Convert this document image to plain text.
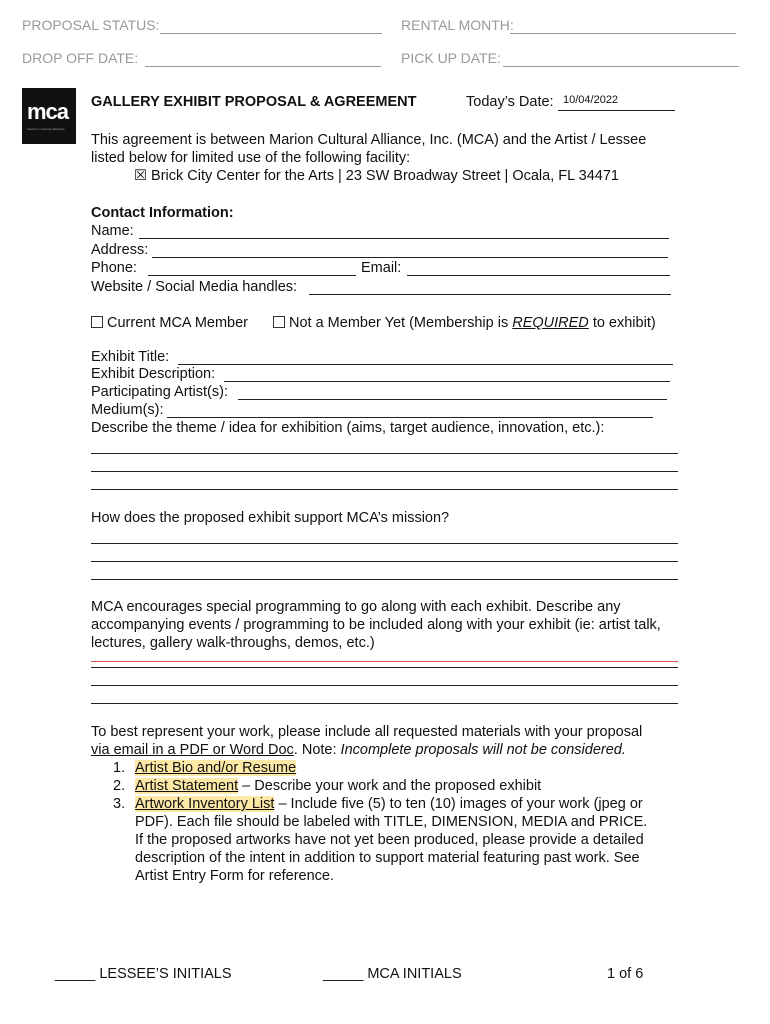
PROPOSAL STATUS:	RENTAL MONTH:
DROP OFF DATE:	PICK UP DATE:
mca
marion cultural alliance
GALLERY EXHIBIT PROPOSAL & AGREEMENT	Today’s Date: 10/04/2022
This agreement is between Marion Cultural Alliance, Inc. (MCA) and the Artist / Lessee listed below for limited use of the following facility:
☒ Brick City Center for the Arts | 23 SW Broadway Street | Ocala, FL 34471
Contact Information:
Name:
Address:
Phone:	Email:
Website / Social Media handles:
Current MCA Member	Not a Member Yet (Membership is REQUIRED to exhibit)
Exhibit Title:
Exhibit Description:
Participating Artist(s):
Medium(s):
Describe the theme / idea for exhibition (aims, target audience, innovation, etc.):
How does the proposed exhibit support MCA’s mission?
MCA encourages special programming to go along with each exhibit. Describe any accompanying events / programming to be included along with your exhibit (ie: artist talk, lectures, gallery walk-throughs, demos, etc.)
To best represent your work, please include all requested materials with your proposal
via email in a PDF or Word Doc. Note: Incomplete proposals will not be considered.
1. Artist Bio and/or Resume
2. Artist Statement – Describe your work and the proposed exhibit
3. Artwork Inventory List – Include five (5) to ten (10) images of your work (jpeg or
PDF). Each file should be labeled with TITLE, DIMENSION, MEDIA and PRICE.
If the proposed artworks have not yet been produced, please provide a detailed
description of the intent in addition to support material featuring past work. See
Artist Entry Form for reference.
_____ LESSEE’S INITIALS	_____ MCA INITIALS	1 of 6
